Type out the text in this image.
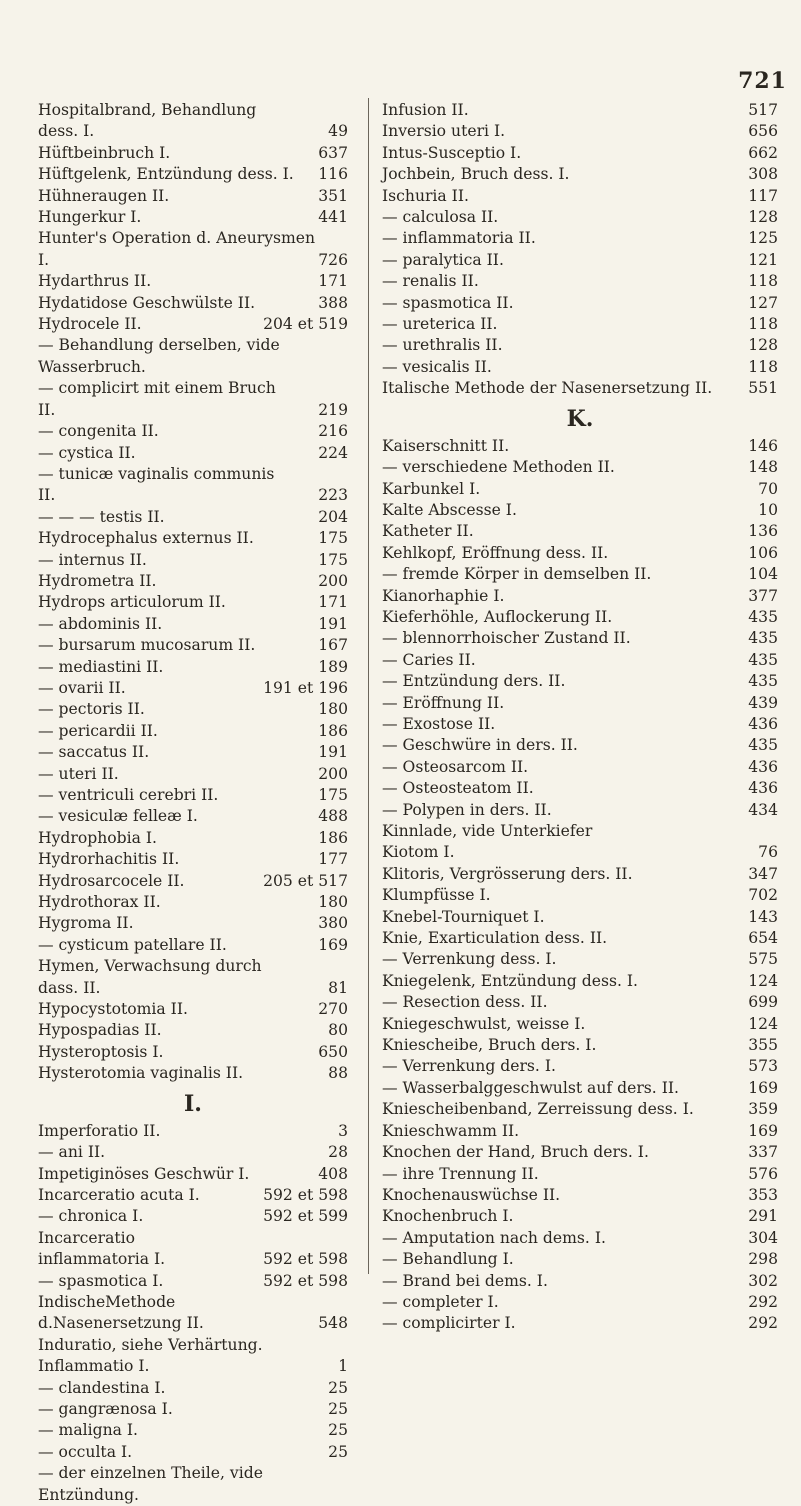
721
Hospitalbrand, Behandlung dess. I.	49
Hüftbeinbruch I.	637
Hüftgelenk, Entzündung dess. I.	116
Hühneraugen II.	351
Hungerkur I.	441
Hunter's Operation d. Aneurysmen I.	726
Hydarthrus II.	171
Hydatidose Geschwülste II.	388
Hydrocele II.	204 et 519
— Behandlung derselben, vide Wasserbruch.
— complicirt mit einem Bruch II.	219
— congenita II.	216
— cystica II.	224
— tunicæ vaginalis communis II.	223
— — — testis II.	204
Hydrocephalus externus II.	175
— internus II.	175
Hydrometra II.	200
Hydrops articulorum II.	171
— abdominis II.	191
— bursarum mucosarum II.	167
— mediastini II.	189
— ovarii II.	191 et 196
— pectoris II.	180
— pericardii II.	186
— saccatus II.	191
— uteri II.	200
— ventriculi cerebri II.	175
— vesiculæ felleæ I.	488
Hydrophobia I.	186
Hydrorhachitis II.	177
Hydrosarcocele II.	205 et 517
Hydrothorax II.	180
Hygroma II.	380
— cysticum patellare II.	169
Hymen, Verwachsung durch dass. II.	81
Hypocystotomia II.	270
Hypospadias II.	80
Hysteroptosis I.	650
Hysterotomia vaginalis II.	88
I.
Imperforatio II.	3
— ani II.	28
Impetiginöses Geschwür I.	408
Incarceratio acuta I.	592 et 598
— chronica I.	592 et 599
Incarceratio inflammatoria I.	592 et 598
— spasmotica I.	592 et 598
IndischeMethode d.Nasenersetzung II.	548
Induratio, siehe Verhärtung.
Inflammatio I.	1
— clandestina I.	25
— gangrænosa I.	25
— maligna I.	25
— occulta I.	25
— der einzelnen Theile, vide Entzündung.
Infusion II.	517
Inversio uteri I.	656
Intus-Susceptio I.	662
Jochbein, Bruch dess. I.	308
Ischuria II.	117
— calculosa II.	128
— inflammatoria II.	125
— paralytica II.	121
— renalis II.	118
— spasmotica II.	127
— ureterica II.	118
— urethralis II.	128
— vesicalis II.	118
Italische Methode der Nasenersetzung II.	551
K.
Kaiserschnitt II.	146
— verschiedene Methoden II.	148
Karbunkel I.	70
Kalte Abscesse I.	10
Katheter II.	136
Kehlkopf, Eröffnung dess. II.	106
— fremde Körper in demselben II.	104
Kianorhaphie I.	377
Kieferhöhle, Auflockerung II.	435
— blennorrhoischer Zustand II.	435
— Caries II.	435
— Entzündung ders. II.	435
— Eröffnung II.	439
— Exostose II.	436
— Geschwüre in ders. II.	435
— Osteosarcom II.	436
— Osteosteatom II.	436
— Polypen in ders. II.	434
Kinnlade, vide Unterkiefer
Kiotom I.	76
Klitoris, Vergrösserung ders. II.	347
Klumpfüsse I.	702
Knebel-Tourniquet I.	143
Knie, Exarticulation dess. II.	654
— Verrenkung dess. I.	575
Kniegelenk, Entzündung dess. I.	124
— Resection dess. II.	699
Kniegeschwulst, weisse I.	124
Kniescheibe, Bruch ders. I.	355
— Verrenkung ders. I.	573
— Wasserbalggeschwulst auf ders. II.	169
Kniescheibenband, Zerreissung dess. I.	359
Knieschwamm II.	169
Knochen der Hand, Bruch ders. I.	337
— ihre Trennung II.	576
Knochenauswüchse II.	353
Knochenbruch I.	291
— Amputation nach dems. I.	304
— Behandlung I.	298
— Brand bei dems. I.	302
— completer I.	292
— complicirter I.	292
